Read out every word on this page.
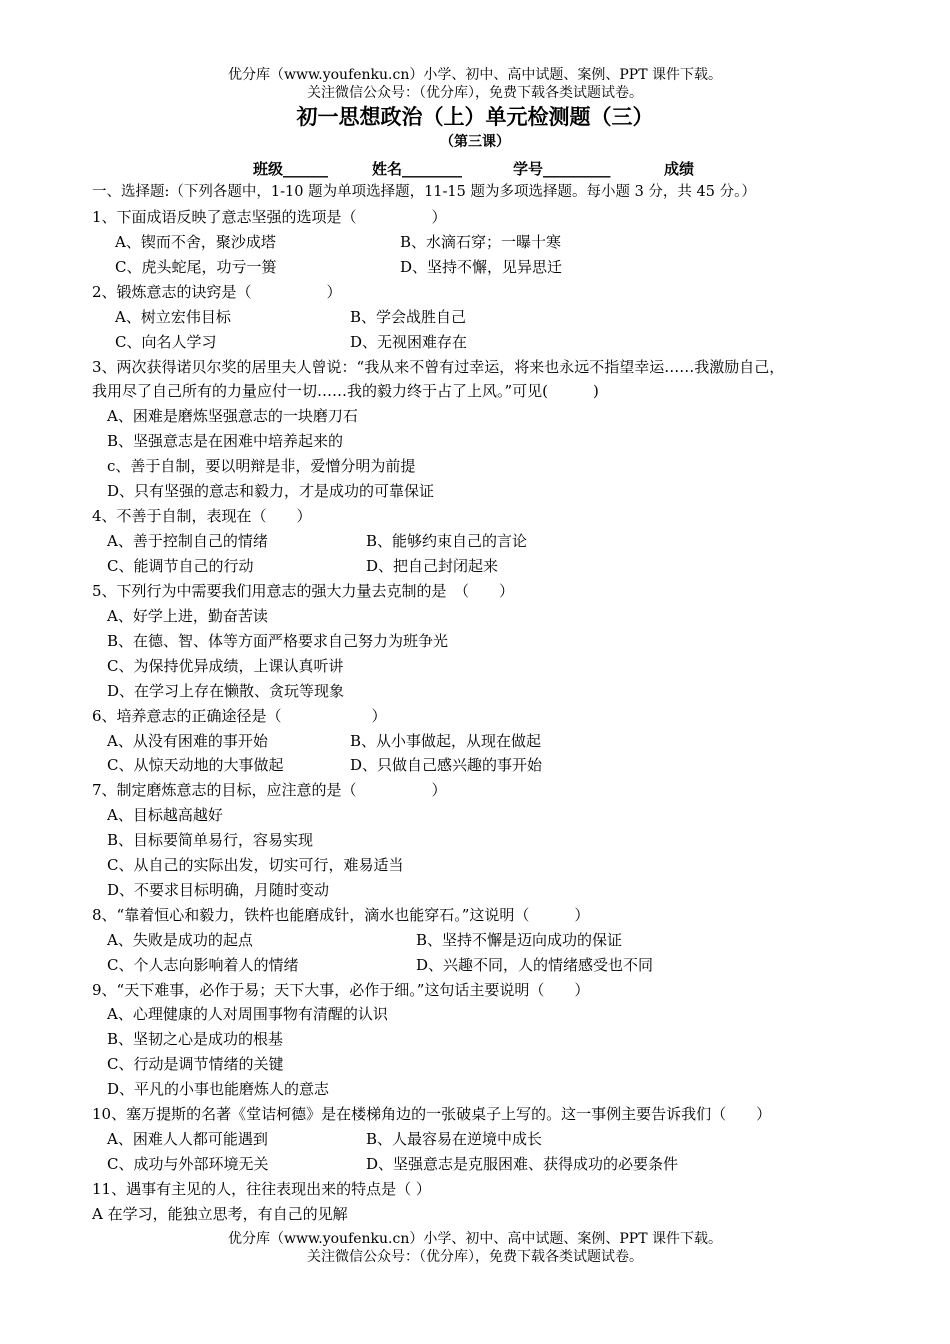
优分库（www.youfenku.cn）小学、初中、高中试题、案例、PPT 课件下载。
关注微信公众号：（优分库），免费下载各类试题试卷。
初一思想政治（上）单元检测题（三）
（第三课）
班级______	姓名________	学号_________	成绩
一、选择题:（下列各题中，1-10 题为单项选择题，11-15 题为多项选择题。每小题 3 分，共 45 分。）
1、下面成语反映了意志坚强的选项是（　　　　　）
A、锲而不舍，聚沙成塔	B、水滴石穿；一曝十寒
C、虎头蛇尾，功亏一篑	D、坚持不懈，见异思迁
2、锻炼意志的诀窍是（　　　　　）
A、树立宏伟目标	B、学会战胜自己
C、向名人学习	D、无视困难存在
3、两次获得诺贝尔奖的居里夫人曾说：“我从来不曾有过幸运，将来也永远不指望幸运……我激励自己，
我用尽了自己所有的力量应付一切……我的毅力终于占了上风。”可见(　　　)
A、困难是磨炼坚强意志的一块磨刀石
B、坚强意志是在困难中培养起来的
c、善于自制，要以明辩是非，爱憎分明为前提
D、只有坚强的意志和毅力，才是成功的可靠保证
4、不善于自制，表现在（　　）
A、善于控制自己的情绪	B、能够约束自己的言论
C、能调节自己的行动	D、把自己封闭起来
5、下列行为中需要我们用意志的强大力量去克制的是　（　　）
A、好学上进，勤奋苦读
B、在德、智、体等方面严格要求自己努力为班争光
C、为保持优异成绩，上课认真听讲
D、在学习上存在懒散、贪玩等现象
6、培养意志的正确途径是（　　　　　　）
A、从没有困难的事开始	B、从小事做起，从现在做起
C、从惊天动地的大事做起	D、只做自己感兴趣的事开始
7、制定磨炼意志的目标，应注意的是（　　　　　）
A、目标越高越好
B、目标要简单易行，容易实现
C、从自己的实际出发，切实可行，难易适当
D、不要求目标明确，月随时变动
8、“靠着恒心和毅力，铁杵也能磨成针，滴水也能穿石。”这说明（　　　）
A、失败是成功的起点	B、坚持不懈是迈向成功的保证
C、个人志向影响着人的情绪	D、兴趣不同，人的情绪感受也不同
9、“天下难事，必作于易；天下大事，必作于细。”这句话主要说明（　　）
A、心理健康的人对周围事物有清醒的认识
B、坚韧之心是成功的根基
C、行动是调节情绪的关键
D、平凡的小事也能磨炼人的意志
10、塞万提斯的名著《堂诘柯德》是在楼梯角边的一张破桌子上写的。这一事例主要告诉我们（　　）
A、困难人人都可能遇到	B、人最容易在逆境中成长
C、成功与外部环境无关	D、坚强意志是克服困难、获得成功的必要条件
11、遇事有主见的人，往往表现出来的特点是（ ）
A 在学习，能独立思考，有自己的见解
优分库（www.youfenku.cn）小学、初中、高中试题、案例、PPT 课件下载。
关注微信公众号：（优分库），免费下载各类试题试卷。
